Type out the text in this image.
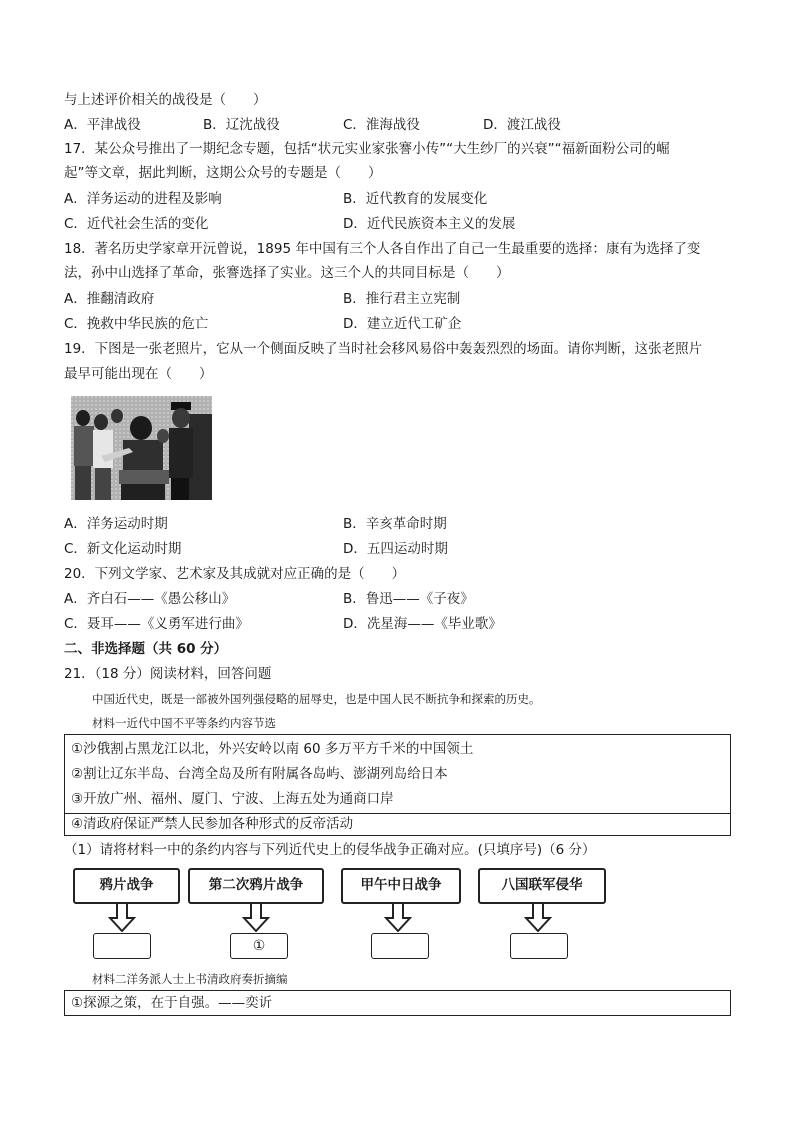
与上述评价相关的战役是（　　）
A．平津战役	B．辽沈战役	C．淮海战役	D．渡江战役
17．某公众号推出了一期纪念专题，包括“状元实业家张謇小传”“大生纱厂的兴衰”“福新面粉公司的崛
起”等文章，据此判断，这期公众号的专题是（　　）
A．洋务运动的进程及影响	B．近代教育的发展变化
C．近代社会生活的变化	D．近代民族资本主义的发展
18．著名历史学家章开沅曾说，1895 年中国有三个人各自作出了自己一生最重要的选择：康有为选择了变
法，孙中山选择了革命，张謇选择了实业。这三个人的共同目标是（　　）
A．推翻清政府	B．推行君主立宪制
C．挽救中华民族的危亡	D．建立近代工矿企
19．下图是一张老照片，它从一个侧面反映了当时社会移风易俗中轰轰烈烈的场面。请你判断，这张老照片
最早可能出现在（　　）
A．洋务运动时期	B．辛亥革命时期
C．新文化运动时期	D．五四运动时期
20．下列文学家、艺术家及其成就对应正确的是（　　）
A．齐白石——《愚公移山》	B．鲁迅——《子夜》
C．聂耳——《义勇军进行曲》	D．冼星海——《毕业歌》
二、非选择题（共 60 分）
21．（18 分）阅读材料，回答问题
中国近代史，既是一部被外国列强侵略的屈辱史，也是中国人民不断抗争和探索的历史。
材料一近代中国不平等条约内容节选
①沙俄割占黑龙江以北，外兴安岭以南 60 多万平方千米的中国领土
②割让辽东半岛、台湾全岛及所有附属各岛屿、澎湖列岛给日本
③开放广州、福州、厦门、宁波、上海五处为通商口岸
④清政府保证严禁人民参加各种形式的反帝活动
（1）请将材料一中的条约内容与下列近代史上的侵华战争正确对应。(只填序号)（6 分）
鸦片战争	第二次鸦片战争	甲午中日战争	八国联军侵华
①
材料二洋务派人士上书清政府奏折摘编
①探源之策，在于自强。——奕䜣
